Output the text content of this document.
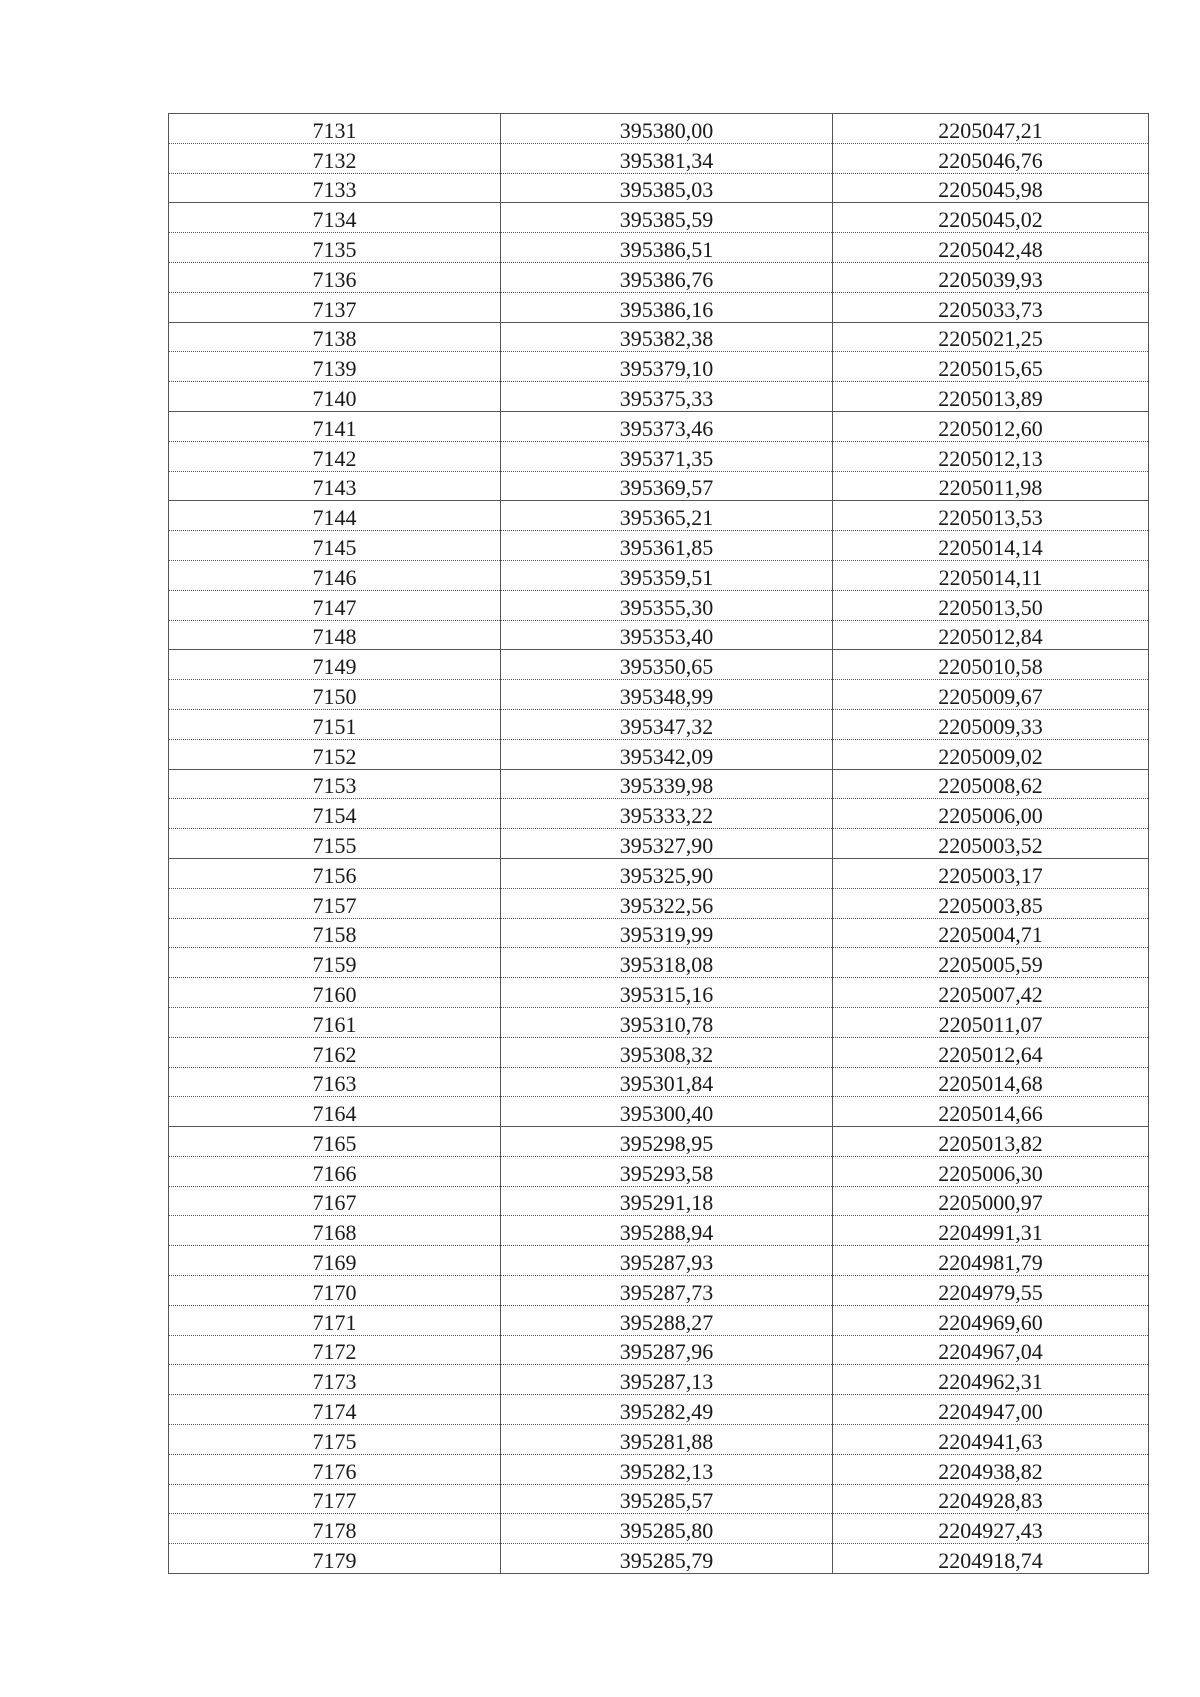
7131	395380,00	2205047,21
7132	395381,34	2205046,76
7133	395385,03	2205045,98
7134	395385,59	2205045,02
7135	395386,51	2205042,48
7136	395386,76	2205039,93
7137	395386,16	2205033,73
7138	395382,38	2205021,25
7139	395379,10	2205015,65
7140	395375,33	2205013,89
7141	395373,46	2205012,60
7142	395371,35	2205012,13
7143	395369,57	2205011,98
7144	395365,21	2205013,53
7145	395361,85	2205014,14
7146	395359,51	2205014,11
7147	395355,30	2205013,50
7148	395353,40	2205012,84
7149	395350,65	2205010,58
7150	395348,99	2205009,67
7151	395347,32	2205009,33
7152	395342,09	2205009,02
7153	395339,98	2205008,62
7154	395333,22	2205006,00
7155	395327,90	2205003,52
7156	395325,90	2205003,17
7157	395322,56	2205003,85
7158	395319,99	2205004,71
7159	395318,08	2205005,59
7160	395315,16	2205007,42
7161	395310,78	2205011,07
7162	395308,32	2205012,64
7163	395301,84	2205014,68
7164	395300,40	2205014,66
7165	395298,95	2205013,82
7166	395293,58	2205006,30
7167	395291,18	2205000,97
7168	395288,94	2204991,31
7169	395287,93	2204981,79
7170	395287,73	2204979,55
7171	395288,27	2204969,60
7172	395287,96	2204967,04
7173	395287,13	2204962,31
7174	395282,49	2204947,00
7175	395281,88	2204941,63
7176	395282,13	2204938,82
7177	395285,57	2204928,83
7178	395285,80	2204927,43
7179	395285,79	2204918,74
